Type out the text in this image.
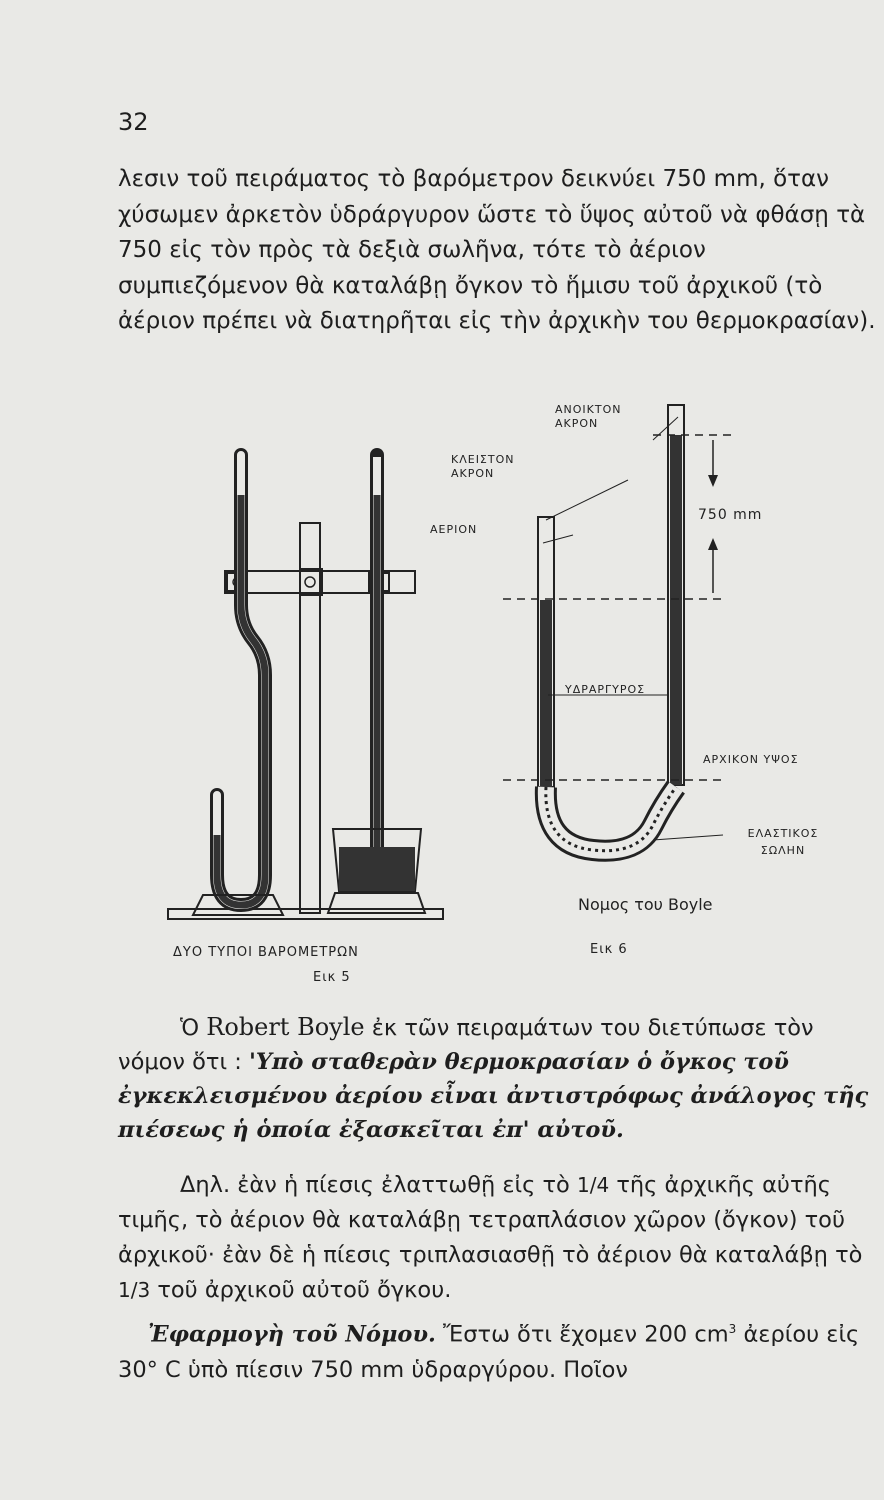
32

λεσιν τοῦ πειράματος τὸ βαρόμετρον δεικνύει 750 mm, ὅταν χύσωμεν ἀρκετὸν ὑδράργυρον ὥστε τὸ ὕψος αὐτοῦ νὰ φθάσῃ τὰ 750 εἰς τὸν πρὸς τὰ δεξιὰ σωλῆνα, τότε τὸ ἀέριον συμπιεζόμενον θὰ καταλάβῃ ὄγκον τὸ ἥμισυ τοῦ ἀρχικοῦ (τὸ ἀέριον πρέπει νὰ διατηρῆται εἰς τὴν ἀρχικὴν του θερμοκρασίαν).

ΔΥΟ ΤΥΠΟΙ ΒΑΡΟΜΕΤΡΩΝ
Εικ 5
ΑΝΟΙΚΤΟΝ ΑΚΡΟΝ
ΚΛΕΙΣΤΟΝ ΑΚΡΟΝ
ΑΕΡΙΟΝ
750 mm
ΥΔΡΑΡΓΥΡΟΣ
ΑΡΧΙΚΟΝ ΥΨΟΣ
ΕΛΑΣΤΙΚΟΣ ΣΩΛΗΝ
Νομος του Boyle
Εικ 6

Ὁ Robert Boyle ἐκ τῶν πειραμάτων του διετύπωσε τὸν νόμον ὅτι : 'Υπὸ σταθερὰν θερμοκρασίαν ὁ ὄγκος τοῦ ἐγκεκλεισμένου ἀερίου εἶναι ἀντιστρόφως ἀνάλογος τῆς πιέσεως ἡ ὁποία ἐξασκεῖται ἐπ' αὐτοῦ.

Δηλ. ἐὰν ἡ πίεσις ἐλαττωθῇ εἰς τὸ 1/4 τῆς ἀρχικῆς αὐτῆς τιμῆς, τὸ ἀέριον θὰ καταλάβῃ τετραπλάσιον χῶρον (ὄγκον) τοῦ ἀρχικοῦ· ἐὰν δὲ ἡ πίεσις τριπλασιασθῇ τὸ ἀέριον θὰ καταλάβῃ τὸ 1/3 τοῦ ἀρχικοῦ αὐτοῦ ὄγκου.

Ἐφαρμογὴ τοῦ Νόμου. Ἔστω ὅτι ἔχομεν 200 $cm^3$ ἀερίου εἰς 30° C ὑπὸ πίεσιν 750 mm ὑδραργύρου. Ποῖον
